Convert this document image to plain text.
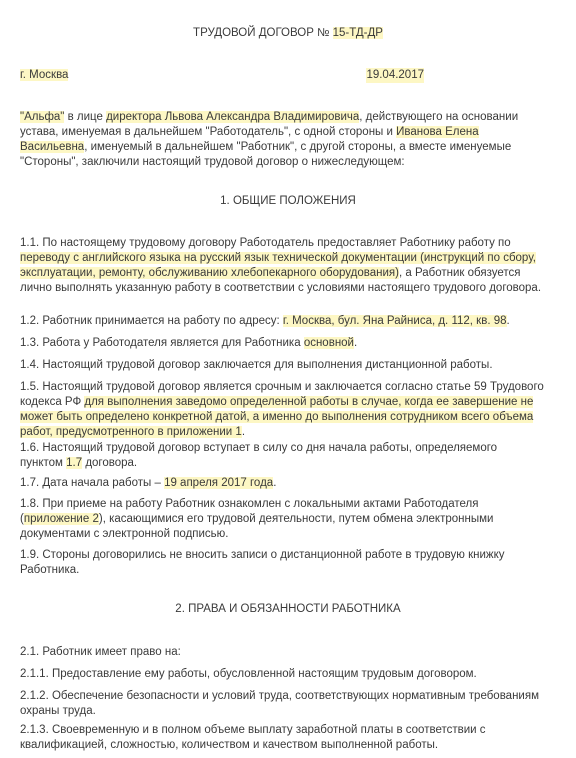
ТРУДОВОЙ ДОГОВОР № 15-ТД-ДР

г. Москва	19.04.2017

"Альфа" в лице директора Львова Александра Владимировича, действующего на основании устава, именуемая в дальнейшем "Работодатель", с одной стороны и Иванова Елена Васильевна, именуемый в дальнейшем "Работник", с другой стороны, а вместе именуемые "Стороны", заключили настоящий трудовой договор о нижеследующем:

1. ОБЩИЕ ПОЛОЖЕНИЯ

1.1. По настоящему трудовому договору Работодатель предоставляет Работнику работу по переводу с английского языка на русский язык технической документации (инструкций по сбору, эксплуатации, ремонту, обслуживанию хлебопекарного оборудования), а Работник обязуется лично выполнять указанную работу в соответствии с условиями настоящего трудового договора.

1.2. Работник принимается на работу по адресу: г. Москва, бул. Яна Райниса, д. 112, кв. 98.

1.3. Работа у Работодателя является для Работника основной.

1.4. Настоящий трудовой договор заключается для выполнения дистанционной работы.

1.5. Настоящий трудовой договор является срочным и заключается согласно статье 59 Трудового кодекса РФ для выполнения заведомо определенной работы в случае, когда ее завершение не может быть определено конкретной датой, а именно до выполнения сотрудником всего объема работ, предусмотренного в приложении 1.

1.6. Настоящий трудовой договор вступает в силу со дня начала работы, определяемого пунктом 1.7 договора.

1.7. Дата начала работы – 19 апреля 2017 года.

1.8. При приеме на работу Работник ознакомлен с локальными актами Работодателя (приложение 2), касающимися его трудовой деятельности, путем обмена электронными документами с электронной подписью.

1.9. Стороны договорились не вносить записи о дистанционной работе в трудовую книжку Работника.

2. ПРАВА И ОБЯЗАННОСТИ РАБОТНИКА

2.1. Работник имеет право на:

2.1.1. Предоставление ему работы, обусловленной настоящим трудовым договором.

2.1.2. Обеспечение безопасности и условий труда, соответствующих нормативным требованиям охраны труда.

2.1.3. Своевременную и в полном объеме выплату заработной платы в соответствии с квалификацией, сложностью, количеством и качеством выполненной работы.
